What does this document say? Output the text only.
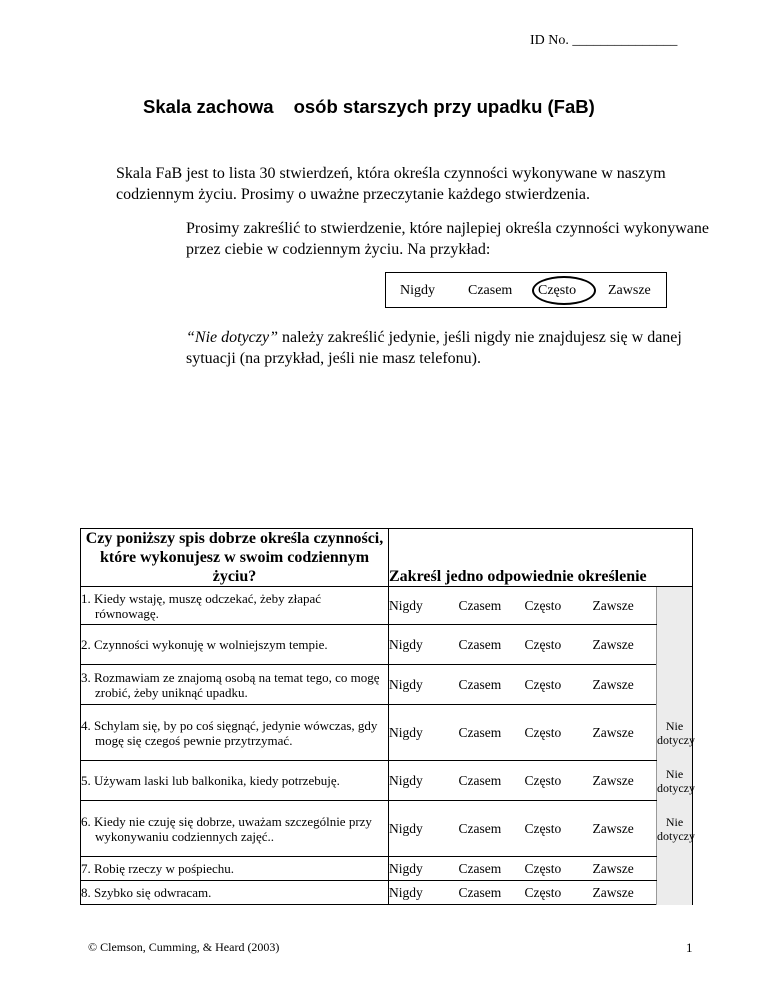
ID No. _______________
Skala zachowa osób starszych przy upadku (FaB)
Skala FaB jest to lista 30 stwierdzeń, która określa czynności wykonywane w naszym codziennym życiu. Prosimy o uważne przeczytanie każdego stwierdzenia.
Prosimy zakreślić to stwierdzenie, które najlepiej określa czynności wykonywane przez ciebie w codziennym życiu. Na przykład:
Nigdy Czasem Często Zawsze
“Nie dotyczy” należy zakreślić jedynie, jeśli nigdy nie znajdujesz się w danej sytuacji (na przykład, jeśli nie masz telefonu).
Czy poniższy spis dobrze określa czynności, które wykonujesz w swoim codziennym życiu?	Zakreśl jedno odpowiednie określenie				

1. Kiedy wstaję, muszę odczekać, żeby złapać równowagę.	Nigdy	Czasem	Często	Zawsze	

2. Czynności wykonuję w wolniejszym tempie.	Nigdy	Czasem	Często	Zawsze	

3. Rozmawiam ze znajomą osobą na temat tego, co mogę zrobić, żeby uniknąć upadku.	Nigdy	Czasem	Często	Zawsze	

4. Schylam się, by po coś sięgnąć, jedynie wówczas, gdy mogę się czegoś pewnie przytrzymać.	Nigdy	Czasem	Często	Zawsze	Nie dotyczy

5. Używam laski lub balkonika, kiedy potrzebuję.	Nigdy	Czasem	Często	Zawsze	Nie dotyczy

6. Kiedy nie czuję się dobrze, uważam szczególnie przy wykonywaniu codziennych zajęć..	Nigdy	Czasem	Często	Zawsze	Nie dotyczy

7. Robię rzeczy w pośpiechu.	Nigdy	Czasem	Często	Zawsze	

8. Szybko się odwracam.	Nigdy	Czasem	Często	Zawsze	
© Clemson, Cumming, & Heard (2003)	1
